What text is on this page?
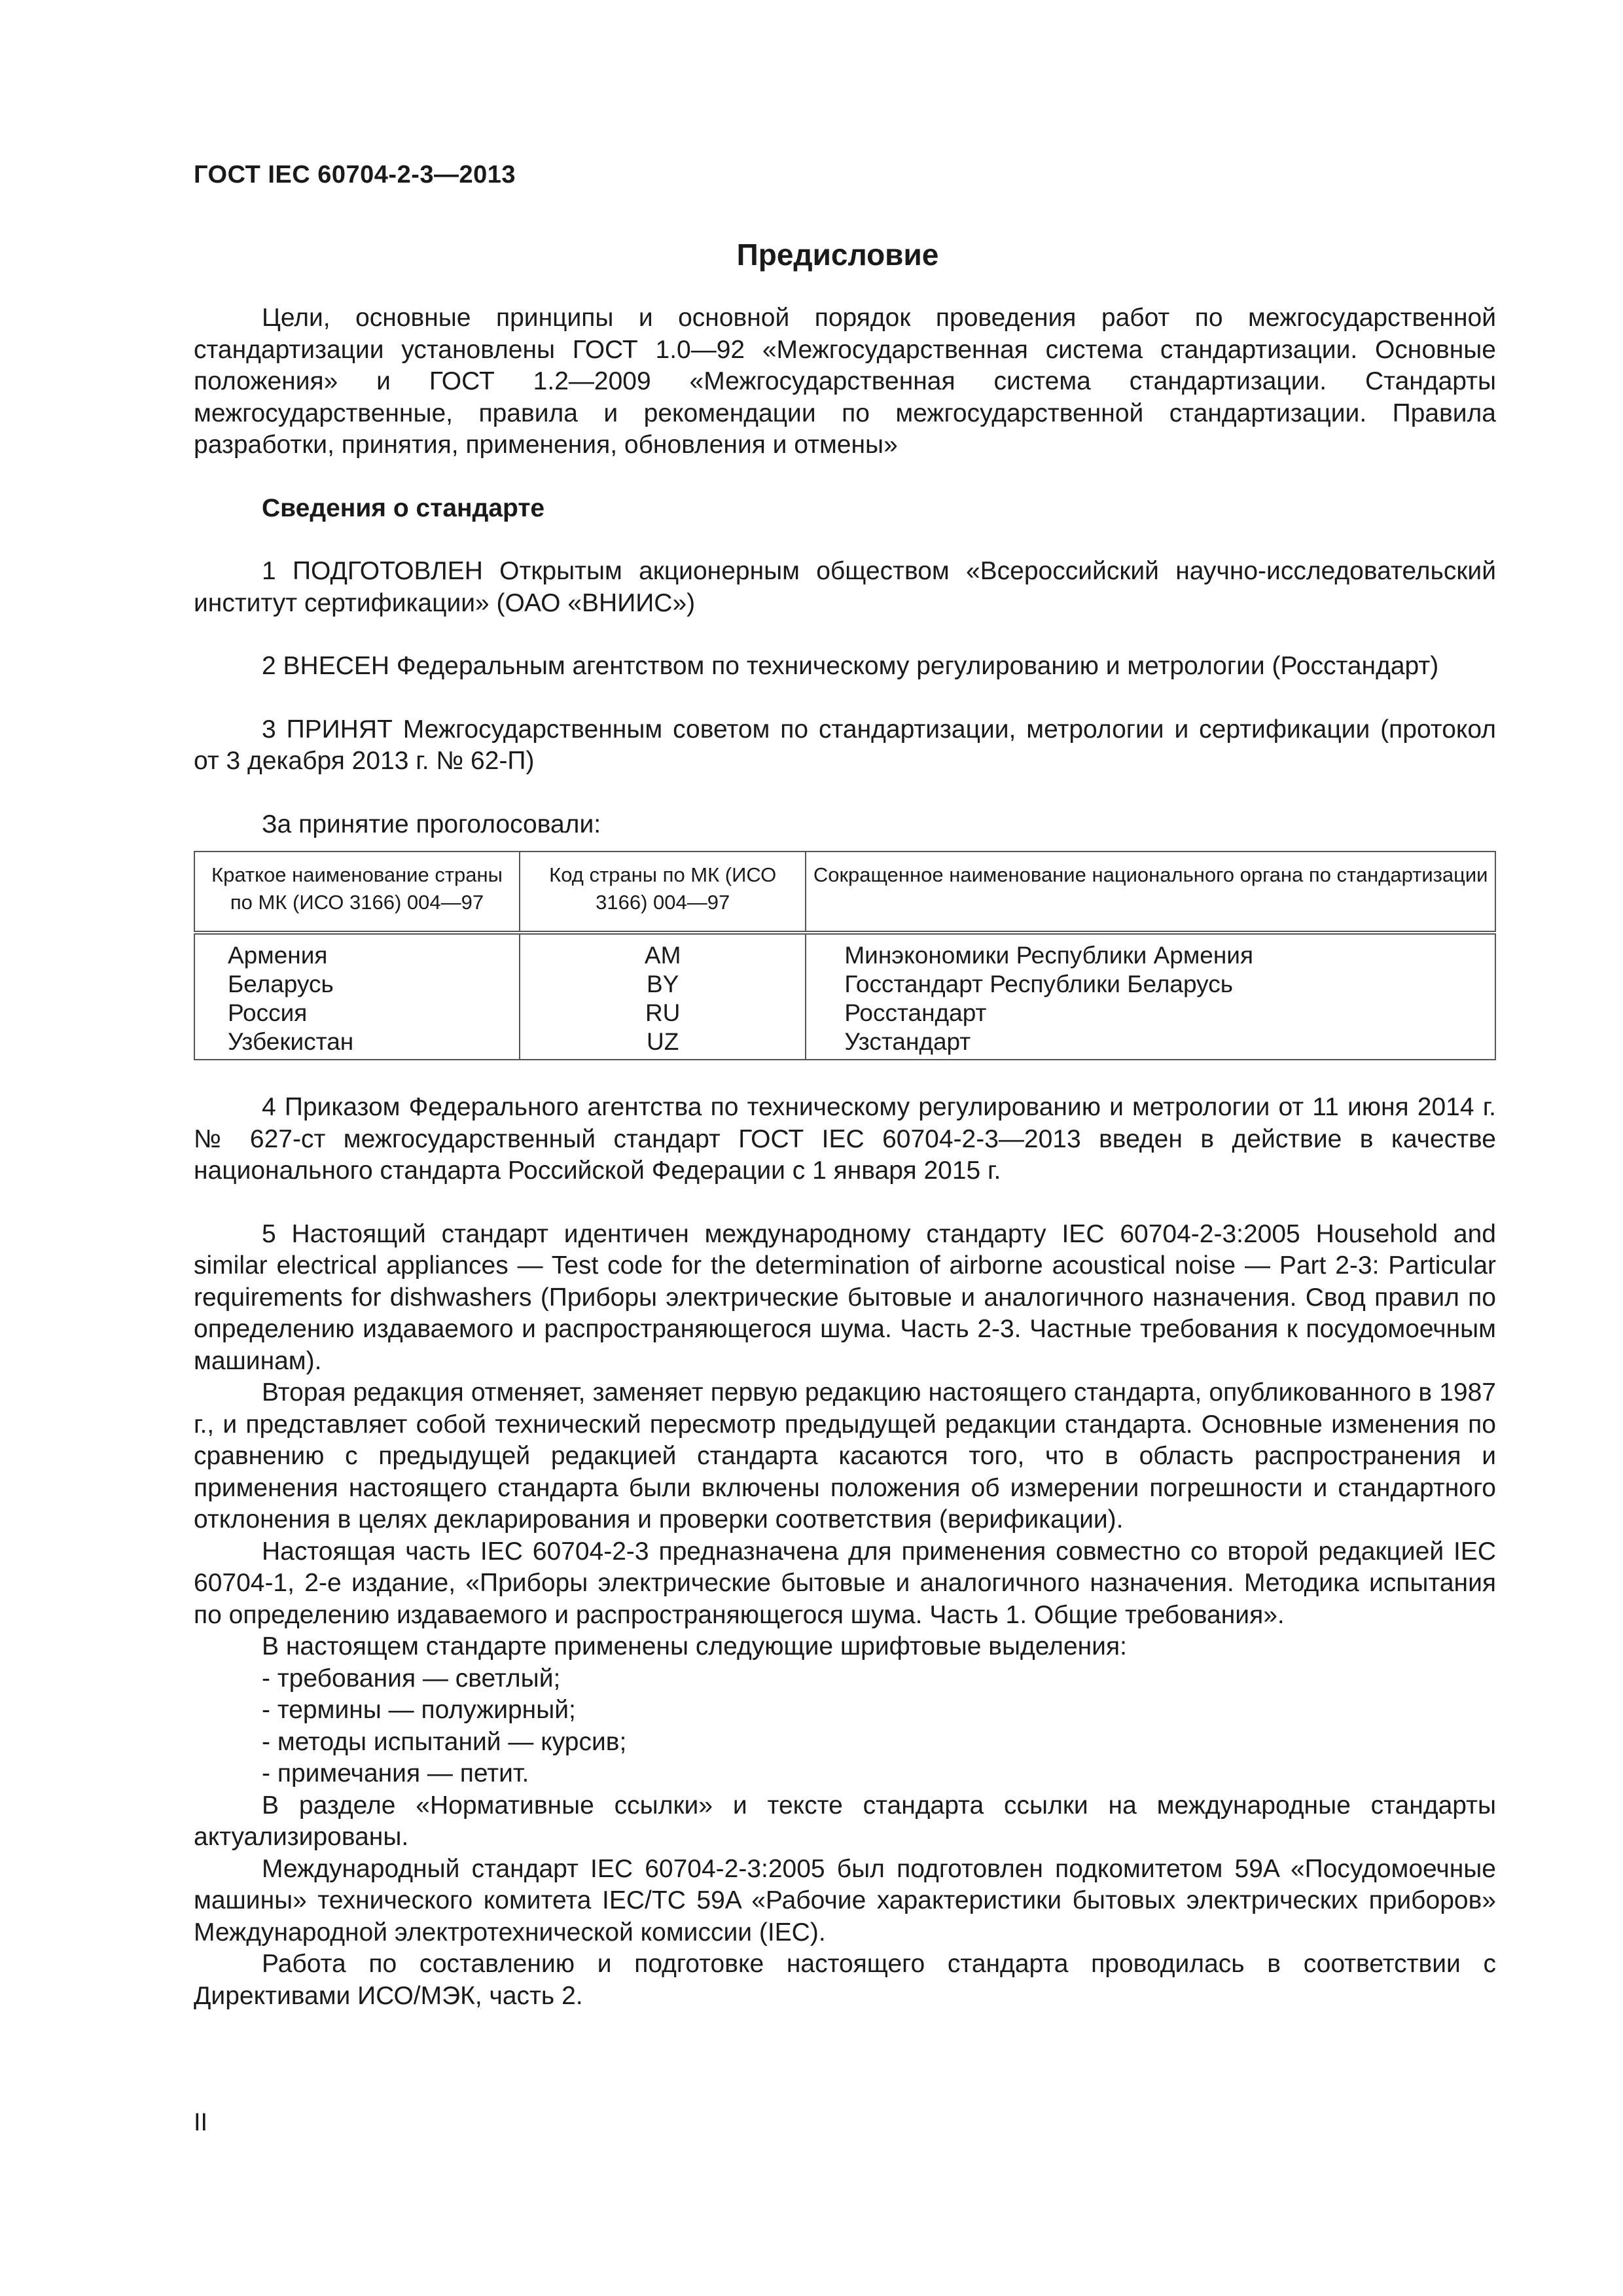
ГОСТ IEC 60704-2-3—2013
Предисловие

Цели, основные принципы и основной порядок проведения работ по межгосударственной стандартизации установлены ГОСТ 1.0—92 «Межгосударственная система стандартизации. Основные положения» и ГОСТ 1.2—2009 «Межгосударственная система стандартизации. Стандарты межгосударственные, правила и рекомендации по межгосударственной стандартизации. Правила разработки, принятия, применения, обновления и отмены»

Сведения о стандарте

1 ПОДГОТОВЛЕН Открытым акционерным обществом «Всероссийский научно-исследовательский институт сертификации» (ОАО «ВНИИС»)

2 ВНЕСЕН Федеральным агентством по техническому регулированию и метрологии (Росстандарт)

3 ПРИНЯТ Межгосударственным советом по стандартизации, метрологии и сертификации (протокол от 3 декабря 2013 г. № 62-П)

За принятие проголосовали:
Краткое наименование страны по МК (ИСО 3166) 004—97	Код страны по МК (ИСО 3166) 004—97	Сокращенное наименование национального органа по стандартизации
Армения	AM	Минэкономики Республики Армения
Беларусь	BY	Госстандарт Республики Беларусь
Россия	RU	Росстандарт
Узбекистан	UZ	Узстандарт

4 Приказом Федерального агентства по техническому регулированию и метрологии от 11 июня 2014 г. № 627-ст межгосударственный стандарт ГОСТ IEC 60704-2-3—2013 введен в действие в качестве национального стандарта Российской Федерации с 1 января 2015 г.

5 Настоящий стандарт идентичен международному стандарту IEC 60704-2-3:2005 Household and similar electrical appliances — Test code for the determination of airborne acoustical noise — Part 2-3: Particular requirements for dishwashers (Приборы электрические бытовые и аналогичного назначения. Свод правил по определению издаваемого и распространяющегося шума. Часть 2-3. Частные требования к посудомоечным машинам).

Вторая редакция отменяет, заменяет первую редакцию настоящего стандарта, опубликованного в 1987 г., и представляет собой технический пересмотр предыдущей редакции стандарта. Основные изменения по сравнению с предыдущей редакцией стандарта касаются того, что в область распространения и применения настоящего стандарта были включены положения об измерении погрешности и стандартного отклонения в целях декларирования и проверки соответствия (верификации).

Настоящая часть IEC 60704-2-3 предназначена для применения совместно со второй редакцией IEC 60704-1, 2-е издание, «Приборы электрические бытовые и аналогичного назначения. Методика испытания по определению издаваемого и распространяющегося шума. Часть 1. Общие требования».

В настоящем стандарте применены следующие шрифтовые выделения:

- требования — светлый;
- термины — полужирный;
- методы испытаний — курсив;
- примечания — петит.

В разделе «Нормативные ссылки» и тексте стандарта ссылки на международные стандарты актуализированы.

Международный стандарт IEC 60704-2-3:2005 был подготовлен подкомитетом 59A «Посудомоечные машины» технического комитета IEC/TC 59A «Рабочие характеристики бытовых электрических приборов» Международной электротехнической комиссии (IEC).

Работа по составлению и подготовке настоящего стандарта проводилась в соответствии с Директивами ИСО/МЭК, часть 2.

II
